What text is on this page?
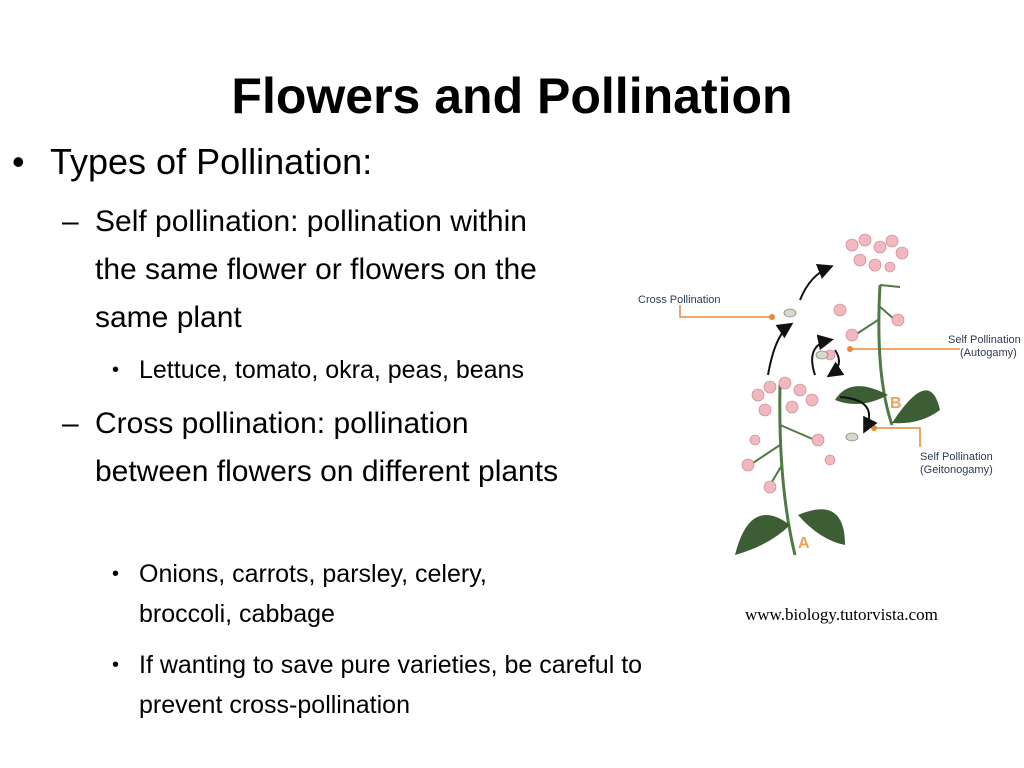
Flowers and Pollination
• Types of Pollination:
– Self pollination: pollination within the same flower or flowers on the same plant
• Lettuce, tomato, okra, peas, beans
– Cross pollination: pollination between flowers on different plants
• Onions, carrots, parsley, celery, broccoli, cabbage
• If wanting to save pure varieties, be careful to prevent cross-pollination
Cross Pollination
Self Pollination
(Autogamy)
Self Pollination
(Geitonogamy)
A
B
www.biology.tutorvista.com
